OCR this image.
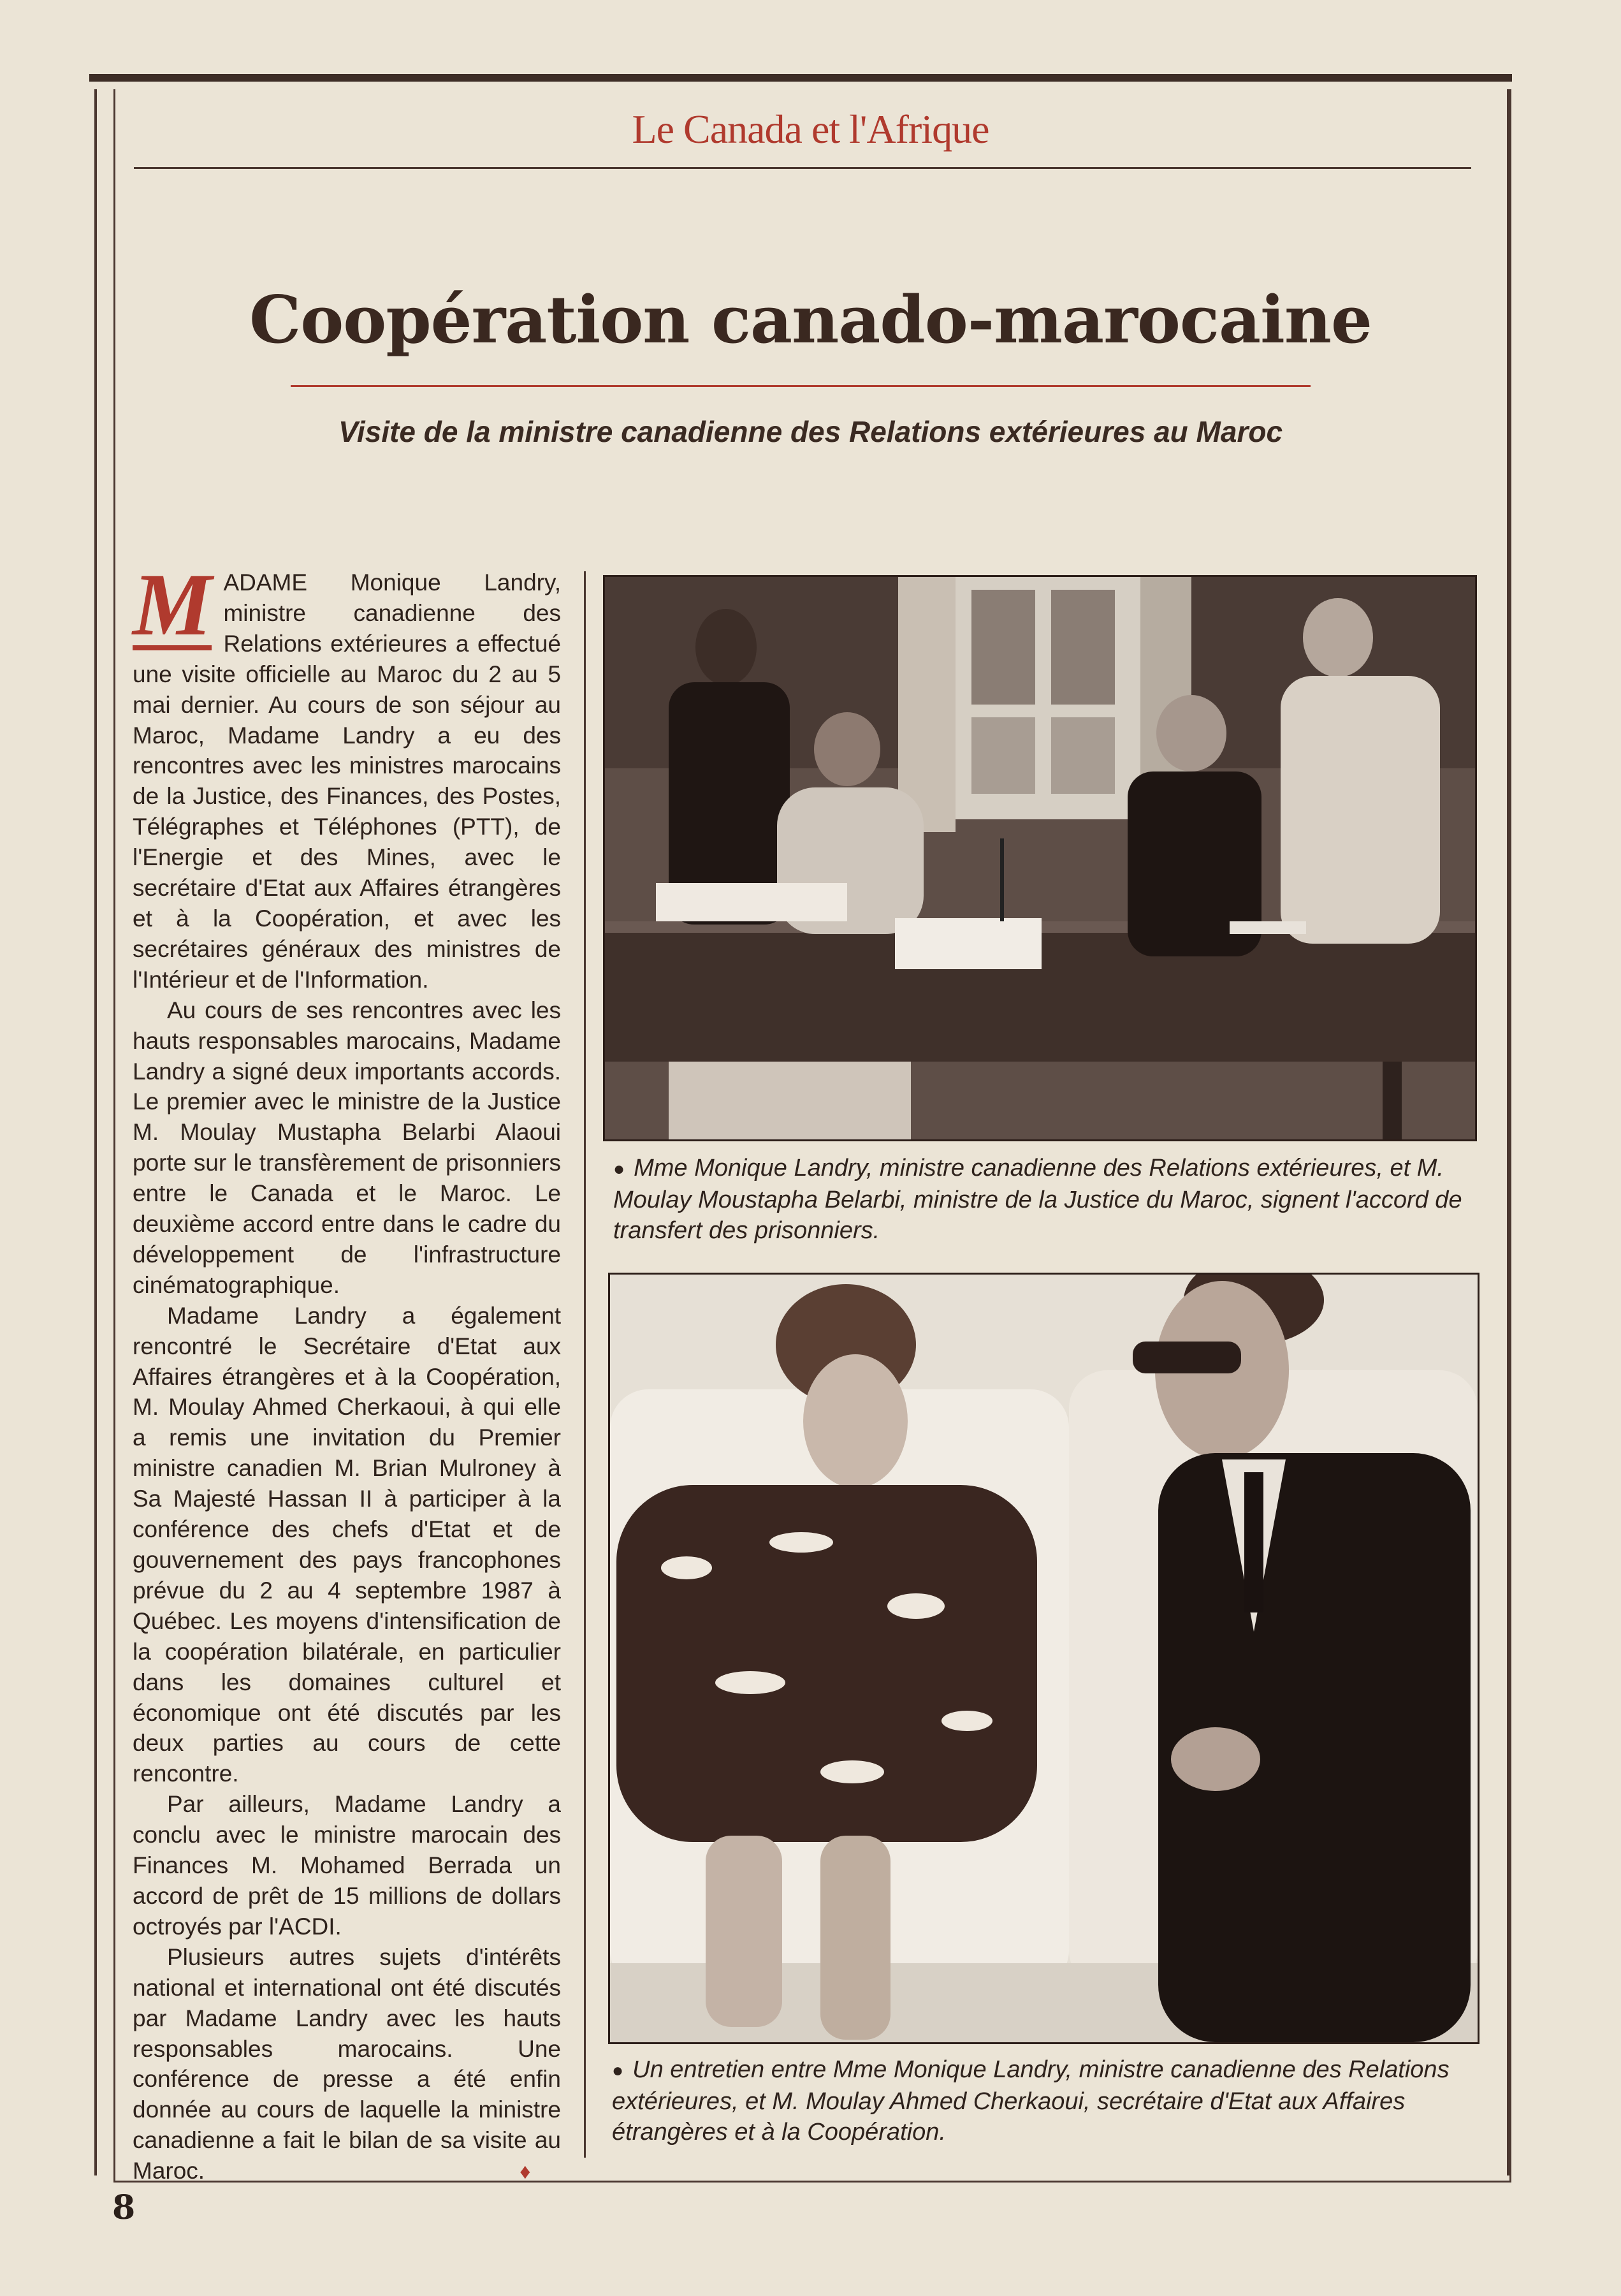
Le Canada et l'Afrique
Coopération canado-marocaine
Visite de la ministre canadienne des Relations extérieures au Maroc

M ADAME Monique Landry, ministre canadienne des Relations extérieures a effectué une visite officielle au Maroc du 2 au 5 mai dernier. Au cours de son séjour au Maroc, Madame Landry a eu des rencontres avec les ministres marocains de la Justice, des Finances, des Postes, Télégraphes et Téléphones (PTT), de l'Energie et des Mines, avec le secrétaire d'Etat aux Affaires étrangères et à la Coopération, et avec les secrétaires généraux des ministres de l'Intérieur et de l'Information.

Au cours de ses rencontres avec les hauts responsables marocains, Madame Landry a signé deux importants accords. Le premier avec le ministre de la Justice M. Moulay Mustapha Belarbi Alaoui porte sur le transfèrement de prisonniers entre le Canada et le Maroc. Le deuxième accord entre dans le cadre du développement de l'infrastructure cinématographique.

Madame Landry a également rencontré le Secrétaire d'Etat aux Affaires étrangères et à la Coopération, M. Moulay Ahmed Cherkaoui, à qui elle a remis une invitation du Premier ministre canadien M. Brian Mulroney à Sa Majesté Hassan II à participer à la conférence des chefs d'Etat et de gouvernement des pays francophones prévue du 2 au 4 septembre 1987 à Québec. Les moyens d'intensification de la coopération bilatérale, en particulier dans les domaines culturel et économique ont été discutés par les deux parties au cours de cette rencontre.

Par ailleurs, Madame Landry a conclu avec le ministre marocain des Finances M. Mohamed Berrada un accord de prêt de 15 millions de dollars octroyés par l'ACDI.

Plusieurs autres sujets d'intérêts national et international ont été discutés par Madame Landry avec les hauts responsables marocains. Une conférence de presse a été enfin donnée au cours de laquelle la ministre canadienne a fait le bilan de sa visite au Maroc.	♦

● Mme Monique Landry, ministre canadienne des Relations extérieures, et M. Moulay Moustapha Belarbi, ministre de la Justice du Maroc, signent l'accord de transfert des prisonniers.
● Un entretien entre Mme Monique Landry, ministre canadienne des Relations extérieures, et M. Moulay Ahmed Cherkaoui, secrétaire d'Etat aux Affaires étrangères et à la Coopération.
8
